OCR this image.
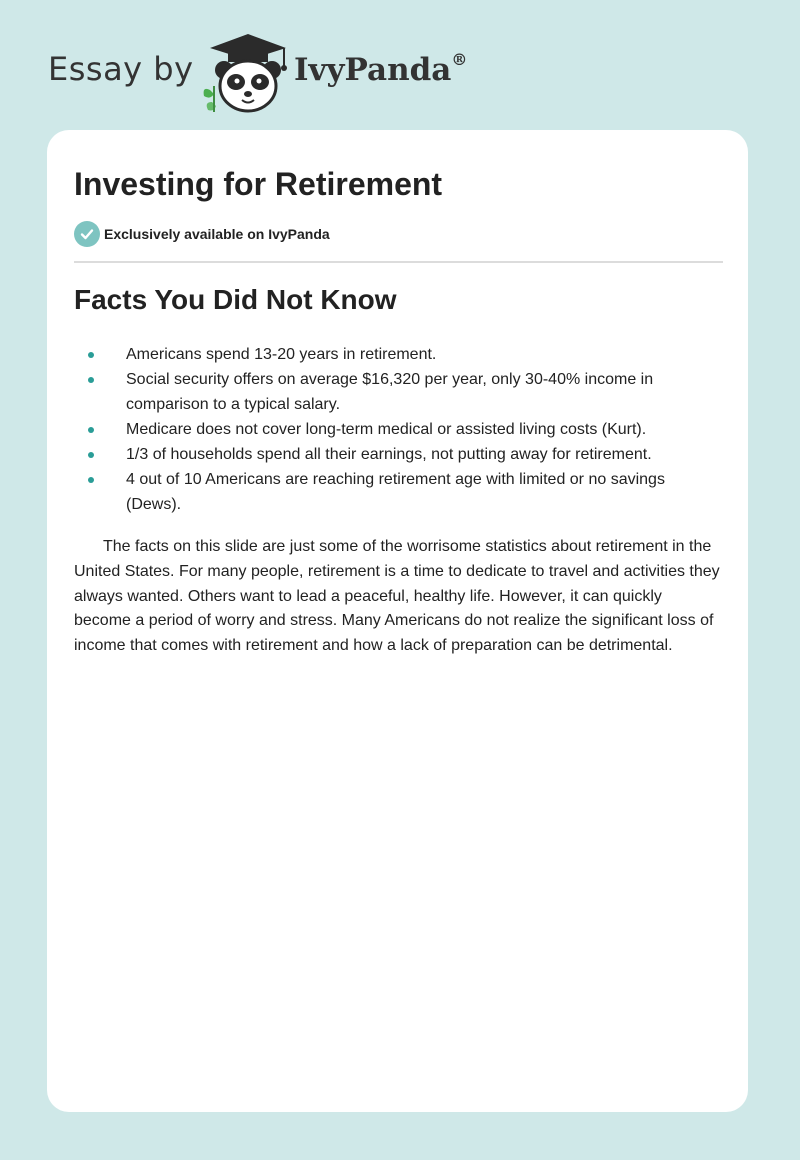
Essay by	IvyPanda®
Investing for Retirement
Exclusively available on IvyPanda
Facts You Did Not Know
Americans spend 13-20 years in retirement.
Social security offers on average $16,320 per year, only 30-40% income in comparison to a typical salary.
Medicare does not cover long-term medical or assisted living costs (Kurt).
1/3 of households spend all their earnings, not putting away for retirement.
4 out of 10 Americans are reaching retirement age with limited or no savings (Dews).

The facts on this slide are just some of the worrisome statistics about retirement in the United States. For many people, retirement is a time to dedicate to travel and activities they always wanted. Others want to lead a peaceful, healthy life. However, it can quickly become a period of worry and stress. Many Americans do not realize the significant loss of income that comes with retirement and how a lack of preparation can be detrimental.
